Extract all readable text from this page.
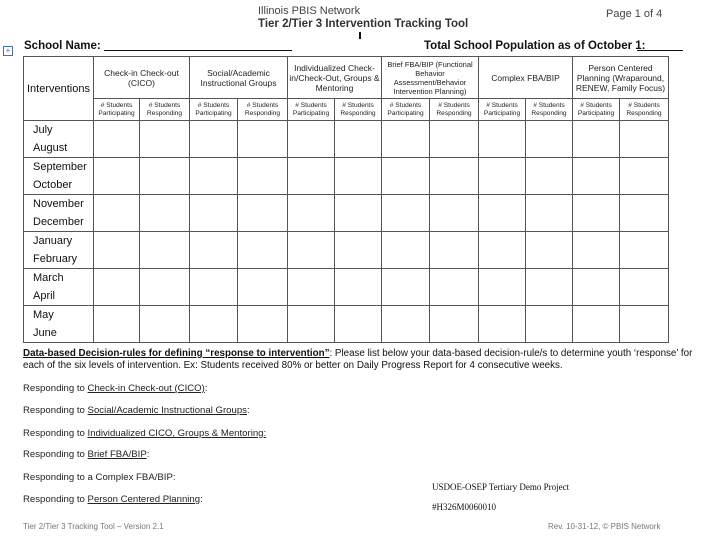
Illinois PBIS Network
Tier 2/Tier 3 Intervention Tracking Tool
Page 1 of 4
+ School Name:	Total School Population as of October 1:
Interventions	Check-in Check-out (CICO)		Social/Academic Instructional Groups		Individualized Check-in/Check-Out, Groups & Mentoring		Brief FBA/BIP (Functional Behavior Assessment/Behavior Intervention Planning)		Complex FBA/BIP		Person Centered Planning (Wraparound, RENEW, Family Focus)	
	# Students Participating	# Students Responding	# Students Participating	# Students Responding	# Students Participating	# Students Responding	# Students Participating	# Students Responding	# Students Participating	# Students Responding	# Students Participating	# Students Responding

July
August												

September
October												

November
December												

January
February												

March
April												

May
June												

Data-based Decision-rules for defining “response to intervention”: Please list below your data-based decision-rule/s to determine youth ‘response’ for each of the six levels of intervention. Ex: Students received 80% or better on Daily Progress Report for 4 consecutive weeks.
Responding to Check-in Check-out (CICO):
Responding to Social/Academic Instructional Groups:
Responding to Individualized CICO, Groups & Mentoring:
Responding to Brief FBA/BIP:
Responding to a Complex FBA/BIP:
Responding to Person Centered Planning:
USDOE-OSEP Tertiary Demo Project
#H326M0060010
Tier 2/Tier 3 Tracking Tool – Version 2.1	Rev. 10-31-12, © PBIS Network
